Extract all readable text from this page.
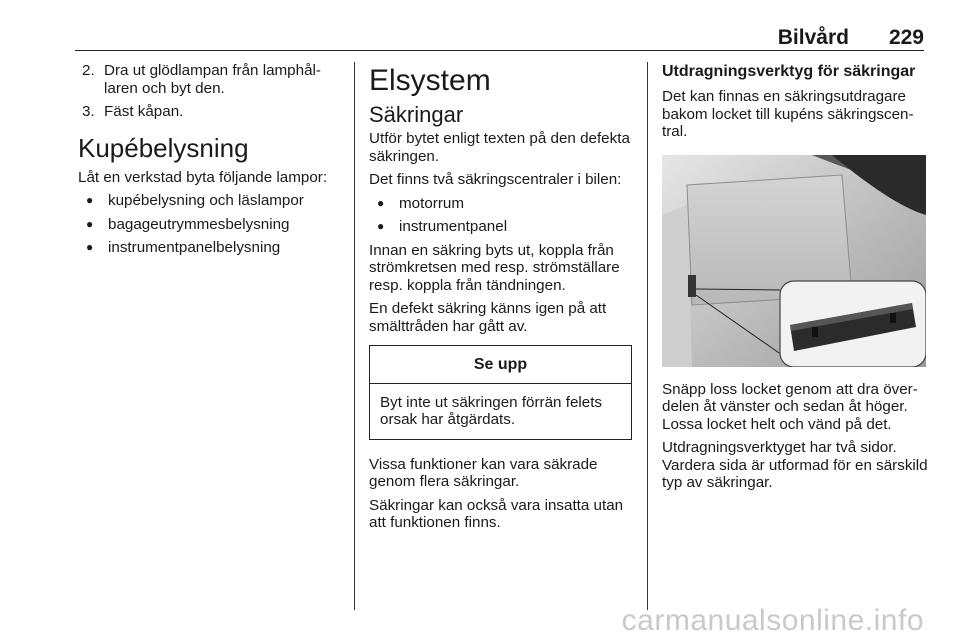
Bilvård 229
2. Dra ut glödlampan från lamphållaren och byt den.
3. Fäst kåpan.
Kupébelysning

Låt en verkstad byta följande lampor:

● kupébelysning och läslampor
● bagageutrymmesbelysning
● instrumentpanelbelysning
Elsystem
Säkringar

Utför bytet enligt texten på den defekta säkringen.

Det finns två säkringscentraler i bilen:

● motorrum
● instrumentpanel

Innan en säkring byts ut, koppla från strömkretsen med resp. strömställare resp. koppla från tändningen.

En defekt säkring känns igen på att smälttråden har gått av.

Se upp
Byt inte ut säkringen förrän felets orsak har åtgärdats.

Vissa funktioner kan vara säkrade genom flera säkringar.

Säkringar kan också vara insatta utan att funktionen finns.

Utdragningsverktyg för säkringar

Det kan finnas en säkringsutdragare bakom locket till kupéns säkringscentral.

Snäpp loss locket genom att dra överdelen åt vänster och sedan åt höger. Lossa locket helt och vänd på det.

Utdragningsverktyget har två sidor. Vardera sida är utformad för en särskild typ av säkringar.

carmanualsonline.info
